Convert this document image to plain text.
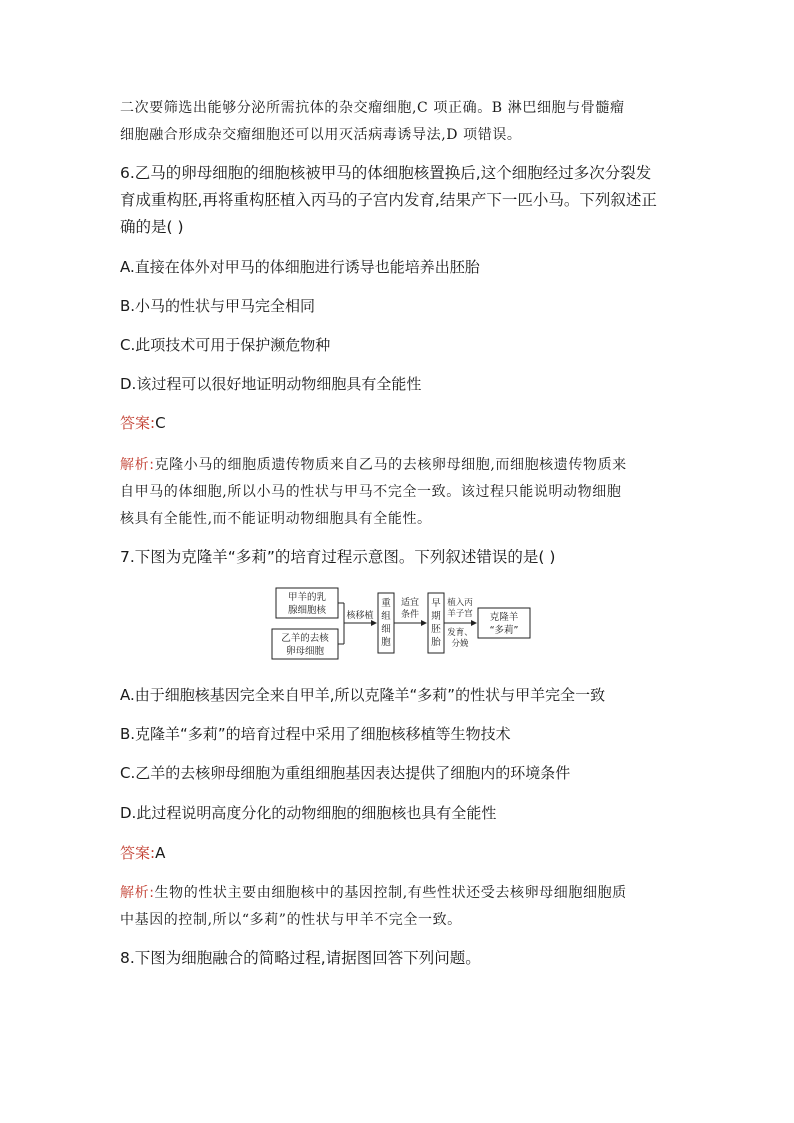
二次要筛选出能够分泌所需抗体的杂交瘤细胞,C 项正确。B 淋巴细胞与骨髓瘤
细胞融合形成杂交瘤细胞还可以用灭活病毒诱导法,D 项错误。
6.乙马的卵母细胞的细胞核被甲马的体细胞核置换后,这个细胞经过多次分裂发
育成重构胚,再将重构胚植入丙马的子宫内发育,结果产下一匹小马。下列叙述正
确的是( )
A.直接在体外对甲马的体细胞进行诱导也能培养出胚胎
B.小马的性状与甲马完全相同
C.此项技术可用于保护濒危物种
D.该过程可以很好地证明动物细胞具有全能性
答案:C
解析:克隆小马的细胞质遗传物质来自乙马的去核卵母细胞,而细胞核遗传物质来
自甲马的体细胞,所以小马的性状与甲马不完全一致。该过程只能说明动物细胞
核具有全能性,而不能证明动物细胞具有全能性。
7.下图为克隆羊“多莉”的培育过程示意图。下列叙述错误的是( )
甲羊的乳
腺细胞核
乙羊的去核
卵母细胞
核移植
重
组
细
胞
适宜
条件
早
期
胚
胎
植入丙
羊子宫
发育、
分娩
克隆羊
“多莉”
A.由于细胞核基因完全来自甲羊,所以克隆羊“多莉”的性状与甲羊完全一致
B.克隆羊“多莉”的培育过程中采用了细胞核移植等生物技术
C.乙羊的去核卵母细胞为重组细胞基因表达提供了细胞内的环境条件
D.此过程说明高度分化的动物细胞的细胞核也具有全能性
答案:A
解析:生物的性状主要由细胞核中的基因控制,有些性状还受去核卵母细胞细胞质
中基因的控制,所以“多莉”的性状与甲羊不完全一致。
8.下图为细胞融合的简略过程,请据图回答下列问题。
